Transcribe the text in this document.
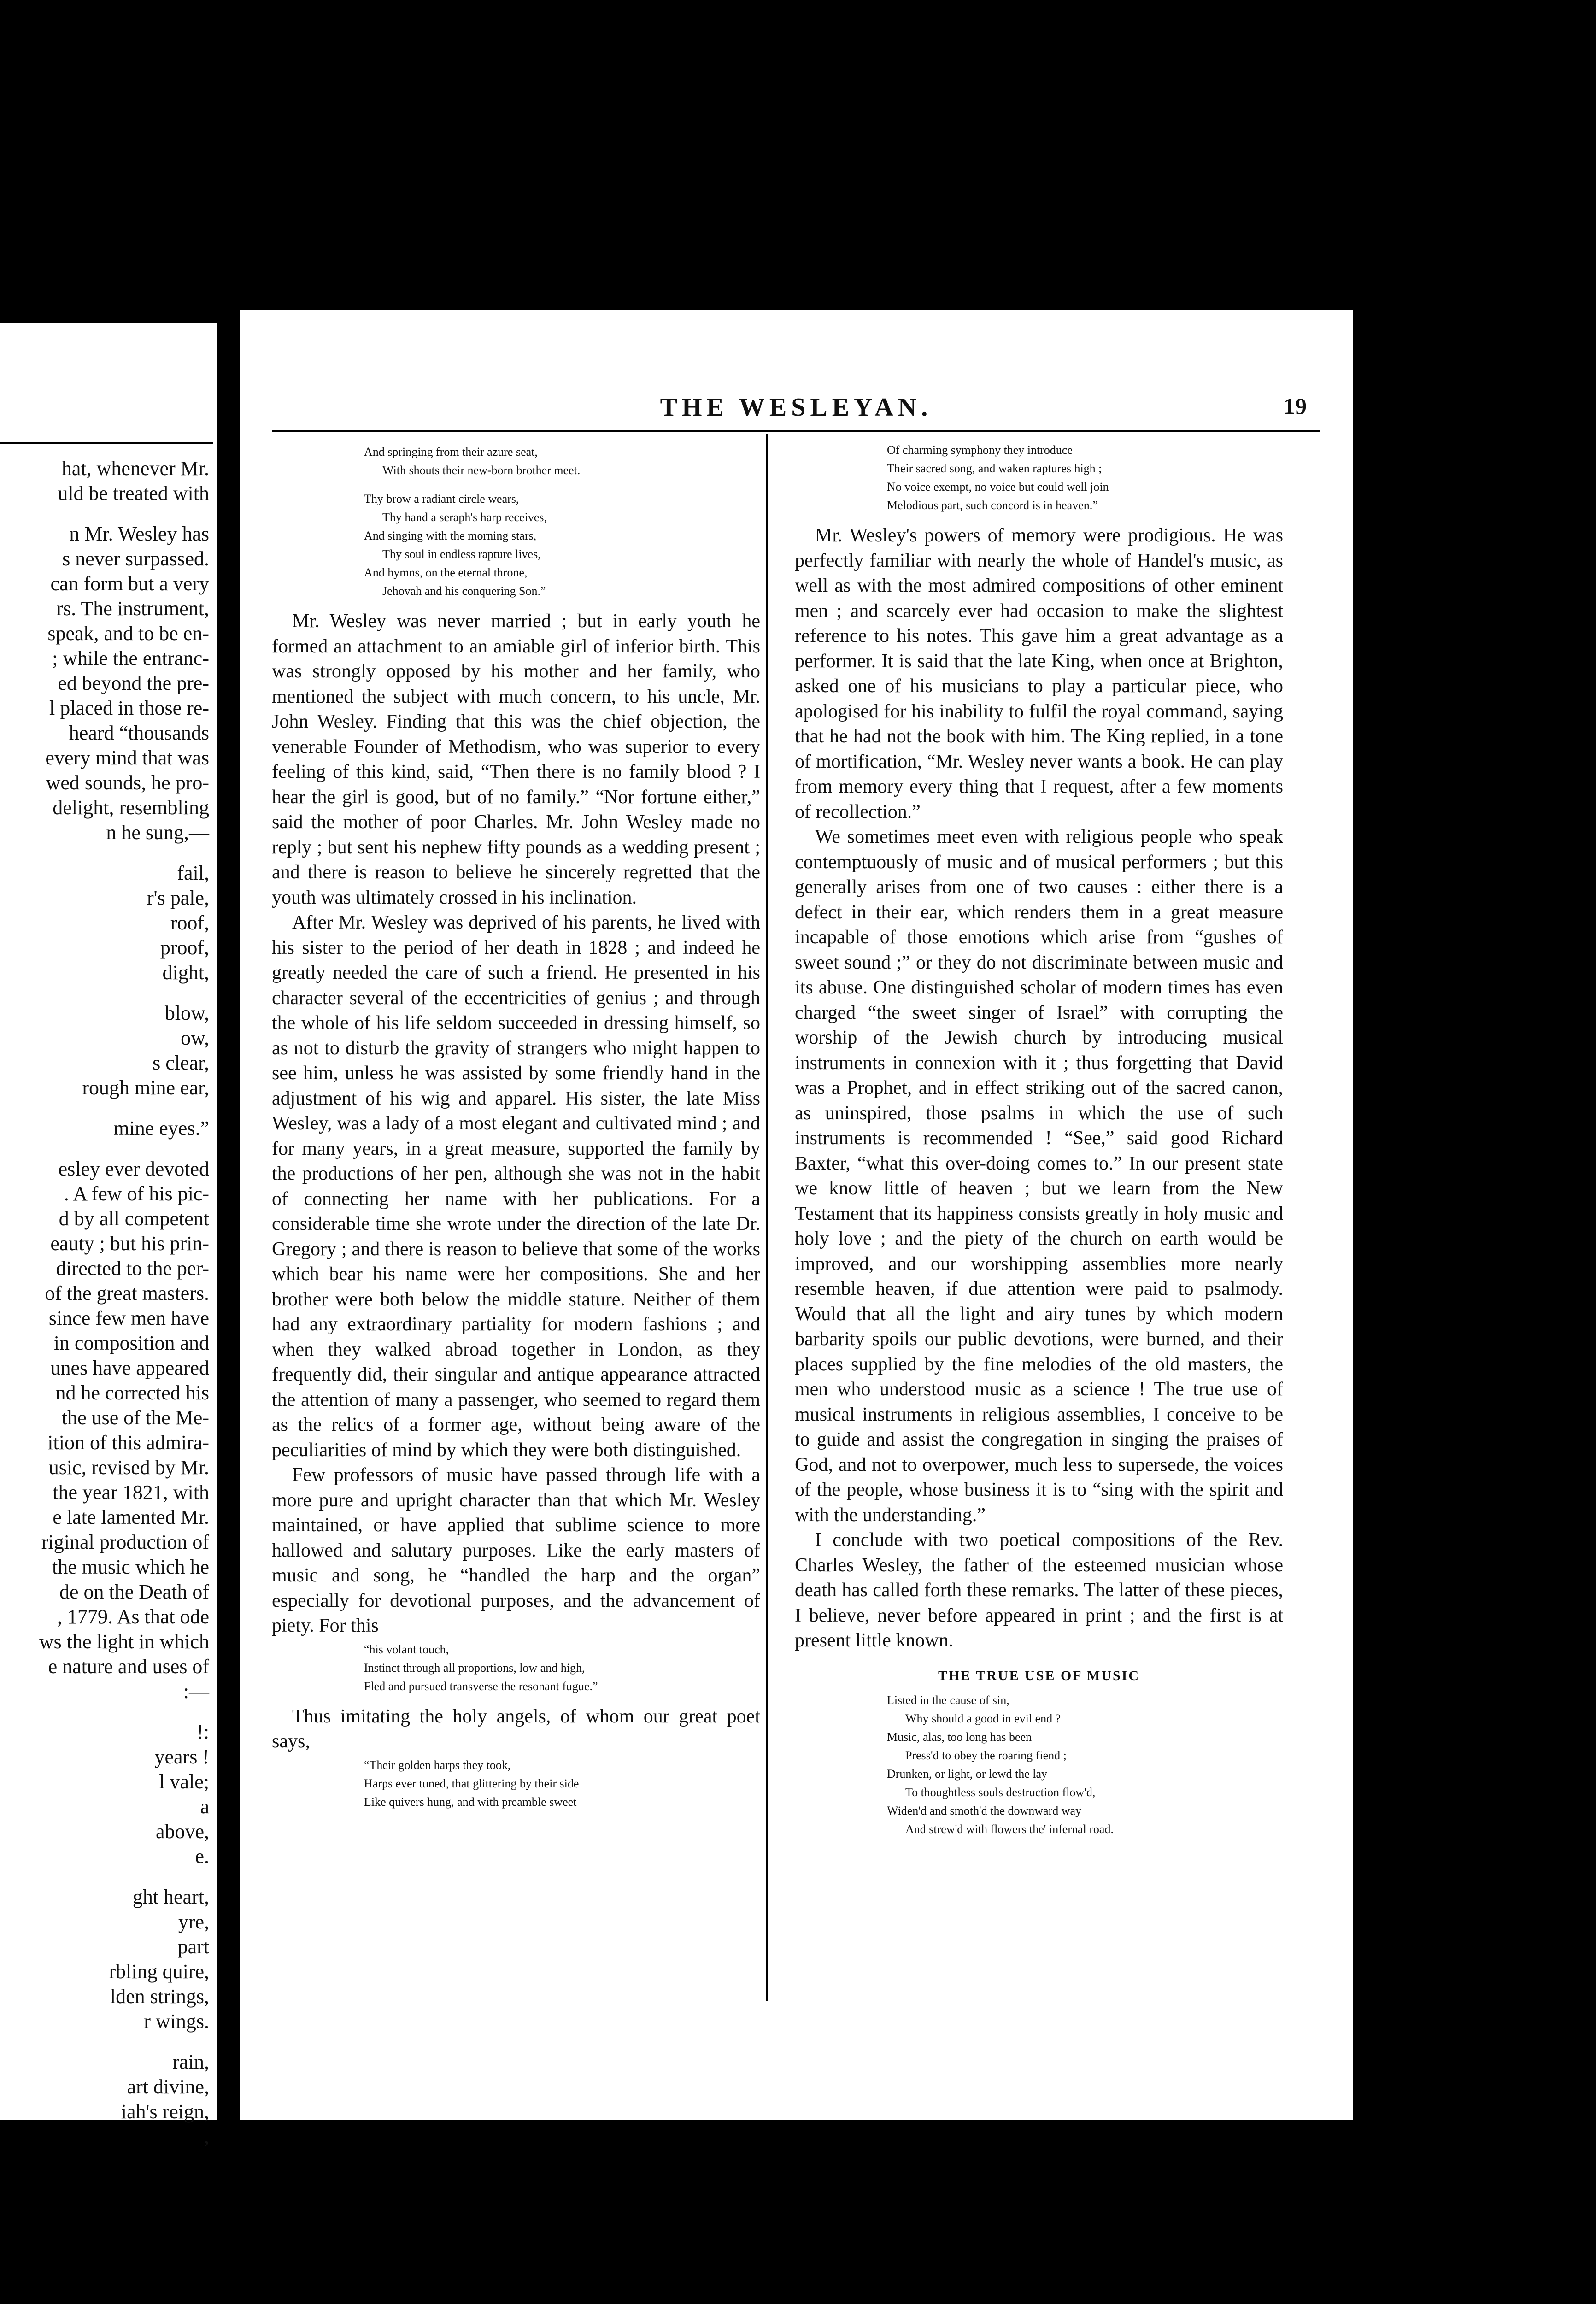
hat, whenever Mr.
uld be treated with
n Mr. Wesley has
s never surpassed.
can form but a very
rs. The instrument,
speak, and to be en-
; while the entranc-
ed beyond the pre-
l placed in those re-
heard “thousands
every mind that was
wed sounds, he pro-
delight, resembling
n he sung,—
fail,
r's pale,
roof,
proof,
dight,
blow,
ow,
s clear,
rough mine ear,
mine eyes.”
esley ever devoted
. A few of his pic-
d by all competent
eauty ; but his prin-
directed to the per-
of the great masters.
since few men have
in composition and
unes have appeared
nd he corrected his
the use of the Me-
ition of this admira-
usic, revised by Mr.
the year 1821, with
e late lamented Mr.
riginal production of
the music which he
de on the Death of
, 1779. As that ode
ws the light in which
e nature and uses of
:—
!:
years !
l vale;
a
above,
e.
ght heart,
yre,
part
rbling quire,
lden strings,
r wings.
rain,
art divine,
iah's reign,
,
THE WESLEYAN.	19
And springing from their azure seat,
With shouts their new-born brother meet.
Thy brow a radiant circle wears,
Thy hand a seraph's harp receives,
And singing with the morning stars,
Thy soul in endless rapture lives,
And hymns, on the eternal throne,
Jehovah and his conquering Son.”

Mr. Wesley was never married ; but in early youth he formed an attachment to an amiable girl of inferior birth. This was strongly opposed by his mother and her family, who mentioned the subject with much concern, to his uncle, Mr. John Wesley. Finding that this was the chief objection, the venerable Founder of Methodism, who was superior to every feeling of this kind, said, “Then there is no family blood ? I hear the girl is good, but of no family.” “Nor fortune either,” said the mother of poor Charles. Mr. John Wesley made no reply ; but sent his nephew fifty pounds as a wedding present ; and there is reason to believe he sincerely regretted that the youth was ultimately crossed in his inclination.

After Mr. Wesley was deprived of his parents, he lived with his sister to the period of her death in 1828 ; and indeed he greatly needed the care of such a friend. He presented in his character several of the eccentricities of genius ; and through the whole of his life seldom succeeded in dressing himself, so as not to disturb the gravity of strangers who might happen to see him, unless he was assisted by some friendly hand in the adjustment of his wig and apparel. His sister, the late Miss Wesley, was a lady of a most elegant and cultivated mind ; and for many years, in a great measure, supported the family by the productions of her pen, although she was not in the habit of connecting her name with her publications. For a considerable time she wrote under the direction of the late Dr. Gregory ; and there is reason to believe that some of the works which bear his name were her compositions. She and her brother were both below the middle stature. Neither of them had any extraordinary partiality for modern fashions ; and when they walked abroad together in London, as they frequently did, their singular and antique appearance attracted the attention of many a passenger, who seemed to regard them as the relics of a former age, without being aware of the peculiarities of mind by which they were both distinguished.

Few professors of music have passed through life with a more pure and upright character than that which Mr. Wesley maintained, or have applied that sublime science to more hallowed and salutary purposes. Like the early masters of music and song, he “handled the harp and the organ” especially for devotional purposes, and the advancement of piety. For this

“his volant touch,
Instinct through all proportions, low and high,
Fled and pursued transverse the resonant fugue.”

Thus imitating the holy angels, of whom our great poet says,

“Their golden harps they took,
Harps ever tuned, that glittering by their side
Like quivers hung, and with preamble sweet
Of charming symphony they introduce
Their sacred song, and waken raptures high ;
No voice exempt, no voice but could well join
Melodious part, such concord is in heaven.”

Mr. Wesley's powers of memory were prodigious. He was perfectly familiar with nearly the whole of Handel's music, as well as with the most admired compositions of other eminent men ; and scarcely ever had occasion to make the slightest reference to his notes. This gave him a great advantage as a performer. It is said that the late King, when once at Brighton, asked one of his musicians to play a particular piece, who apologised for his inability to fulfil the royal command, saying that he had not the book with him. The King replied, in a tone of mortification, “Mr. Wesley never wants a book. He can play from memory every thing that I request, after a few moments of recollection.”

We sometimes meet even with religious people who speak contemptuously of music and of musical performers ; but this generally arises from one of two causes : either there is a defect in their ear, which renders them in a great measure incapable of those emotions which arise from “gushes of sweet sound ;” or they do not discriminate between music and its abuse. One distinguished scholar of modern times has even charged “the sweet singer of Israel” with corrupting the worship of the Jewish church by introducing musical instruments in connexion with it ; thus forgetting that David was a Prophet, and in effect striking out of the sacred canon, as uninspired, those psalms in which the use of such instruments is recommended ! “See,” said good Richard Baxter, “what this over-doing comes to.” In our present state we know little of heaven ; but we learn from the New Testament that its happiness consists greatly in holy music and holy love ; and the piety of the church on earth would be improved, and our worshipping assemblies more nearly resemble heaven, if due attention were paid to psalmody. Would that all the light and airy tunes by which modern barbarity spoils our public devotions, were burned, and their places supplied by the fine melodies of the old masters, the men who understood music as a science ! The true use of musical instruments in religious assemblies, I conceive to be to guide and assist the congregation in singing the praises of God, and not to overpower, much less to supersede, the voices of the people, whose business it is to “sing with the spirit and with the understanding.”

I conclude with two poetical compositions of the Rev. Charles Wesley, the father of the esteemed musician whose death has called forth these remarks. The latter of these pieces, I believe, never before appeared in print ; and the first is at present little known.

THE TRUE USE OF MUSIC
Listed in the cause of sin,
Why should a good in evil end ?
Music, alas, too long has been
Press'd to obey the roaring fiend ;
Drunken, or light, or lewd the lay
To thoughtless souls destruction flow'd,
Widen'd and smoth'd the downward way
And strew'd with flowers the' infernal road.
